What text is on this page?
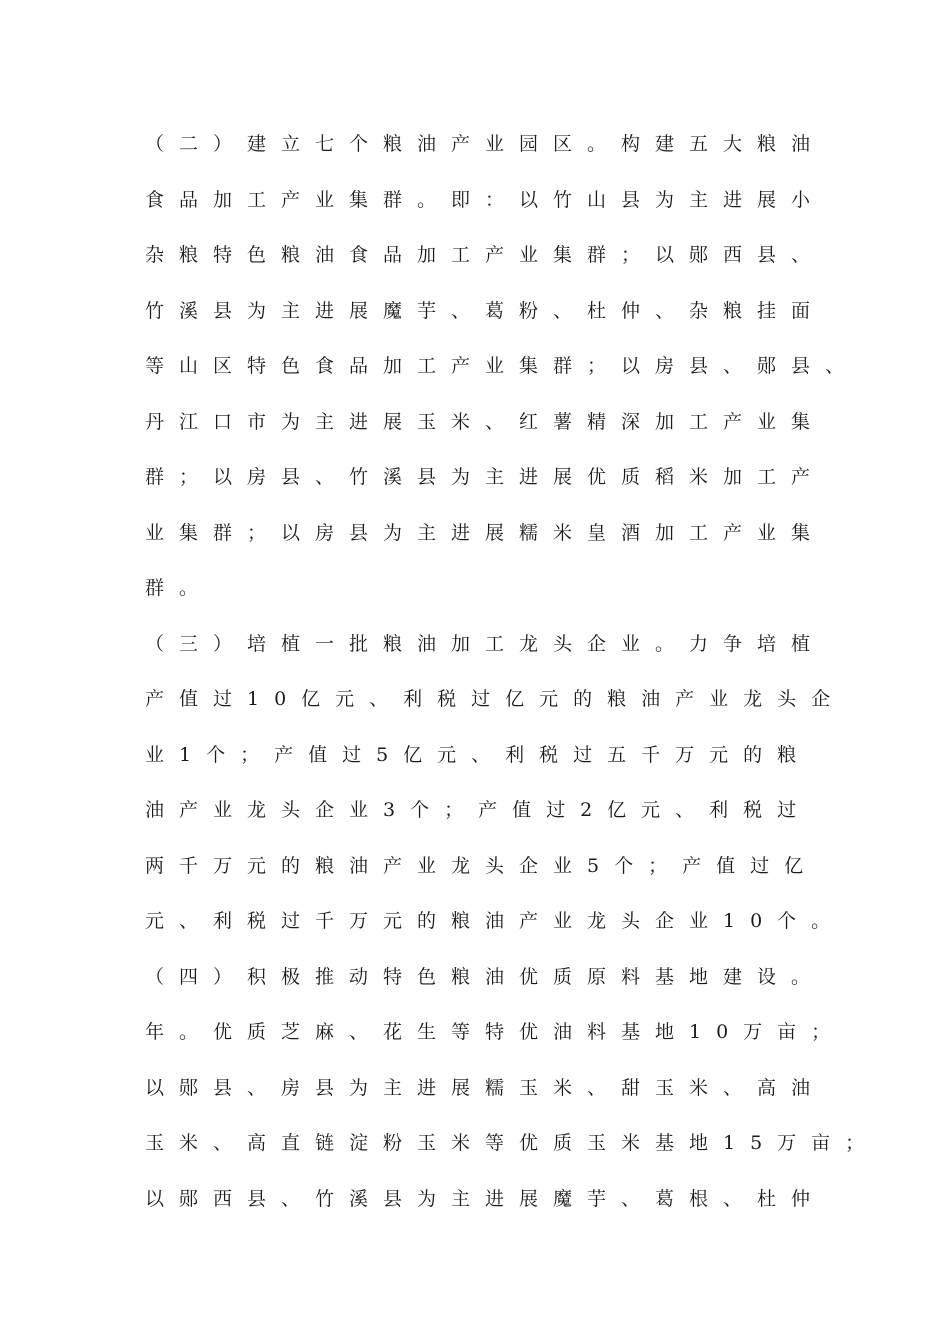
（二）建立七个粮油产业园区。构建五大粮油
食品加工产业集群。即：以竹山县为主进展小
杂粮特色粮油食品加工产业集群；以郧西县、
竹溪县为主进展魔芋、葛粉、杜仲、杂粮挂面
等山区特色食品加工产业集群；以房县、郧县、
丹江口市为主进展玉米、红薯精深加工产业集
群；以房县、竹溪县为主进展优质稻米加工产
业集群；以房县为主进展糯米皇酒加工产业集
群。
（三）培植一批粮油加工龙头企业。力争培植
产值过10亿元、利税过亿元的粮油产业龙头企
业1个；产值过5亿元、利税过五千万元的粮
油产业龙头企业3个；产值过2亿元、利税过
两千万元的粮油产业龙头企业5个；产值过亿
元、利税过千万元的粮油产业龙头企业10个。
（四）积极推动特色粮油优质原料基地建设。
年。优质芝麻、花生等特优油料基地10万亩；
以郧县、房县为主进展糯玉米、甜玉米、高油
玉米、高直链淀粉玉米等优质玉米基地15万亩；
以郧西县、竹溪县为主进展魔芋、葛根、杜仲
